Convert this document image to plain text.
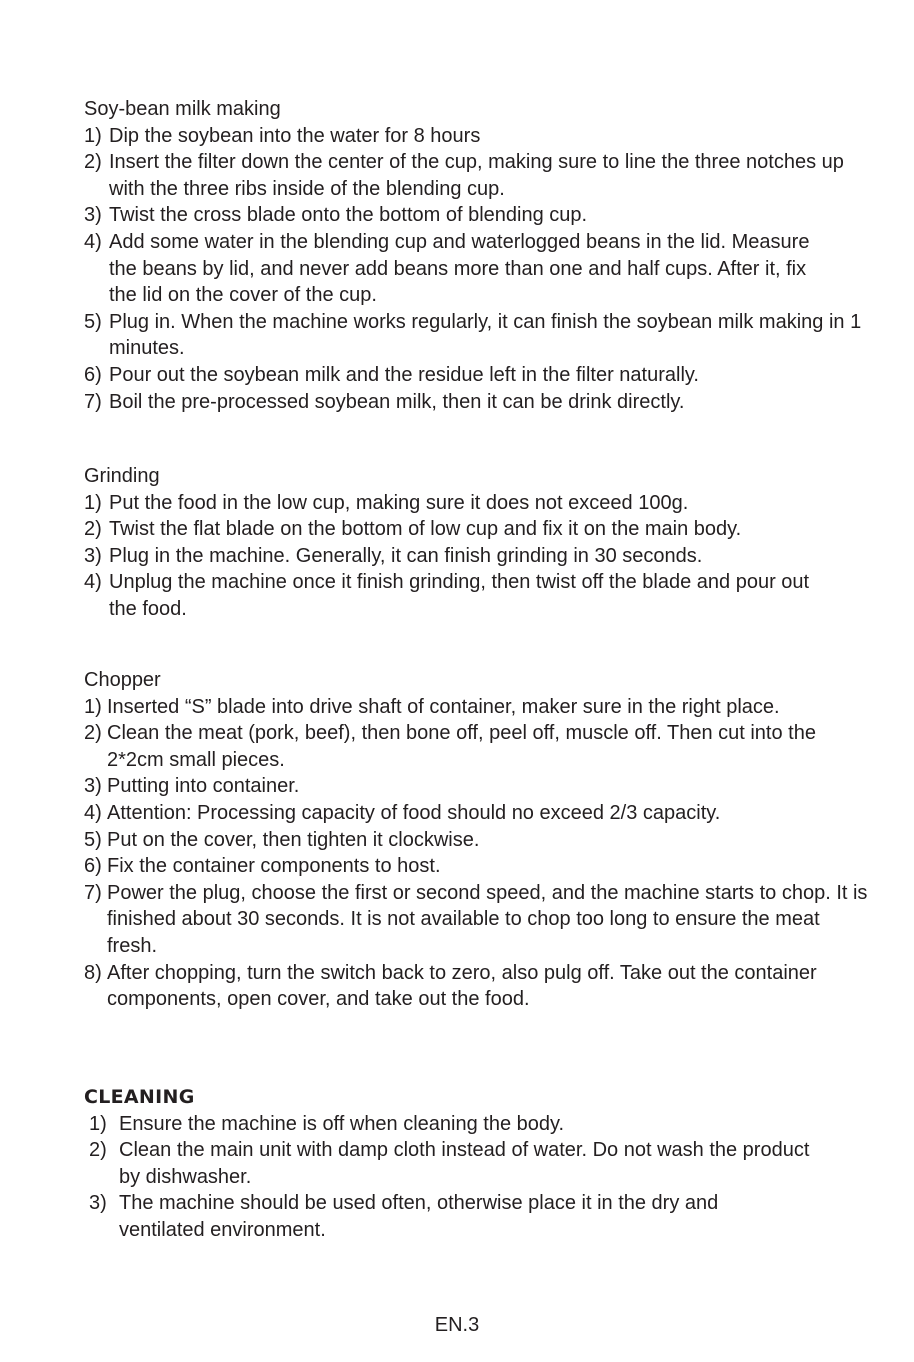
Soy-bean milk making
1) Dip the soybean into the water for 8 hours
2) Insert the filter down the center of the cup, making sure to line the three notches up with the three ribs inside of the blending cup.
3) Twist the cross blade onto the bottom of blending cup.
4) Add some water in the blending cup and waterlogged beans in the lid. Measure the beans by lid, and never add beans more than one and half cups. After it, fix the lid on the cover of the cup.
5) Plug in. When the machine works regularly, it can finish the soybean milk making in 1 minutes.
6) Pour out the soybean milk and the residue left in the filter naturally.
7) Boil the pre-processed soybean milk, then it can be drink directly.
Grinding
1) Put the food in the low cup, making sure it does not exceed 100g.
2) Twist the flat blade on the bottom of low cup and fix it on the main body.
3) Plug in the machine. Generally, it can finish grinding in 30 seconds.
4) Unplug the machine once it finish grinding, then twist off the blade and pour out the food.
Chopper
1) Inserted “S” blade into drive shaft of container, maker sure in the right place.
2) Clean the meat (pork, beef), then bone off, peel off, muscle off. Then cut into the 2*2cm small pieces.
3) Putting into container.
4) Attention: Processing capacity of food should no exceed 2/3 capacity.
5) Put on the cover, then tighten it clockwise.
6) Fix the container components to host.
7) Power the plug, choose the first or second speed, and the machine starts to chop. It is finished about 30 seconds. It is not available to chop too long to ensure the meat fresh.
8) After chopping, turn the switch back to zero, also pulg off. Take out the container components, open cover, and take out the food.
CLEANING
1) Ensure the machine is off when cleaning the body.
2) Clean the main unit with damp cloth instead of water. Do not wash the product by dishwasher.
3) The machine should be used often, otherwise place it in the dry and ventilated environment.
EN.3
